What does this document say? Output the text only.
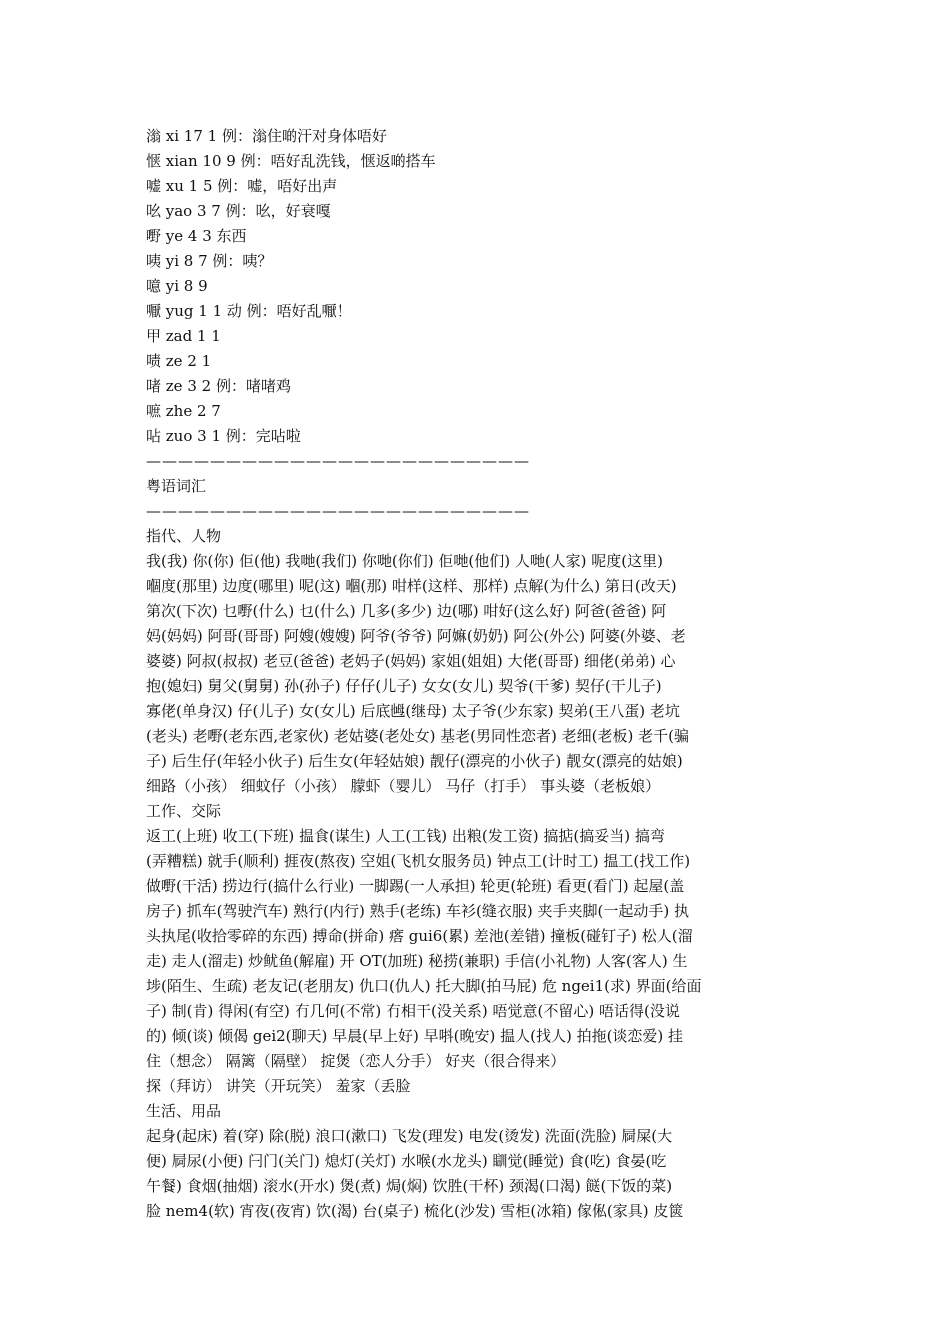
滃 xi 17 1 例：滃住啲汗对身体唔好
惬 xian 10 9 例：唔好乱洗钱，惬返啲搭车
嘘 xu 1 5 例：嘘，唔好出声
吆 yao 3 7 例：吆，好衰嘎
嘢 ye 4 3 东西
咦 yi 8 7 例：咦？
噫 yi 8 9
嚈 yug 1 1 动 例：唔好乱嚈！
甲 zad 1 1
啧 ze 2 1
啫 ze 3 2 例：啫啫鸡
嗻 zhe 2 7
呫 zuo 3 1 例：完呫啦
————————————————————————
粤语词汇
————————————————————————
指代、人物
我(我) 你(你) 佢(他) 我哋(我们) 你哋(你们) 佢哋(他们) 人哋(人家) 呢度(这里)
嗰度(那里) 边度(哪里) 呢(这) 嗰(那) 咁样(这样、那样) 点解(为什么) 第日(改天)
第次(下次) 乜嘢(什么) 乜(什么) 几多(多少) 边(哪) 咁好(这么好) 阿爸(爸爸) 阿
妈(妈妈) 阿哥(哥哥) 阿嫂(嫂嫂) 阿爷(爷爷) 阿嫲(奶奶) 阿公(外公) 阿婆(外婆、老
婆婆) 阿叔(叔叔) 老豆(爸爸) 老妈子(妈妈) 家姐(姐姐) 大佬(哥哥) 细佬(弟弟) 心
抱(媳妇) 舅父(舅舅) 孙(孙子) 仔仔(儿子) 女女(女儿) 契爷(干爹) 契仔(干儿子)
寡佬(单身汉) 仔(儿子) 女(女儿) 后底乸(继母) 太子爷(少东家) 契弟(王八蛋) 老坑
(老头) 老嘢(老东西,老家伙) 老姑婆(老处女) 基老(男同性恋者) 老细(老板) 老千(骗
子) 后生仔(年轻小伙子) 后生女(年轻姑娘) 靓仔(漂亮的小伙子) 靓女(漂亮的姑娘)
细路（小孩） 细蚊仔（小孩） 朦虾（婴儿） 马仔（打手） 事头婆（老板娘）
工作、交际
返工(上班) 收工(下班) 揾食(谋生) 人工(工钱) 出粮(发工资) 搞掂(搞妥当) 搞弯
(弄糟糕) 就手(顺利) 捱夜(熬夜) 空姐(飞机女服务员) 钟点工(计时工) 揾工(找工作)
做嘢(干活) 捞边行(搞什么行业) 一脚踢(一人承担) 轮更(轮班) 看更(看门) 起屋(盖
房子) 抓车(驾驶汽车) 熟行(内行) 熟手(老练) 车衫(缝衣服) 夹手夹脚(一起动手) 执
头执尾(收拾零碎的东西) 搏命(拼命) 瘩 gui6(累) 差池(差错) 撞板(碰钉子) 松人(溜
走) 走人(溜走) 炒鱿鱼(解雇) 开 OT(加班) 秘捞(兼职) 手信(小礼物) 人客(客人) 生
埗(陌生、生疏) 老友记(老朋友) 仇口(仇人) 托大脚(拍马屁) 危 ngei1(求) 界面(给面
子) 制(肯) 得闲(有空) 冇几何(不常) 冇相干(没关系) 唔觉意(不留心) 唔话得(没说
的) 倾(谈) 倾偈 gei2(聊天) 早晨(早上好) 早唞(晚安) 揾人(找人) 拍拖(谈恋爱) 挂
住（想念） 隔篱（隔壁） 掟煲（恋人分手） 好夹（很合得来）
探（拜访） 讲笑（开玩笑） 羞家（丢脸
生活、用品
起身(起床) 着(穿) 除(脱) 浪口(漱口) 飞发(理发) 电发(烫发) 洗面(洗脸) 屙屎(大
便) 屙尿(小便) 闩门(关门) 熄灯(关灯) 水喉(水龙头) 瞓觉(睡觉) 食(吃) 食晏(吃
午餐) 食烟(抽烟) 滚水(开水) 煲(煮) 焗(焖) 饮胜(干杯) 颈渴(口渴) 餸(下饭的菜)
脸 nem4(软) 宵夜(夜宵) 饮(渴) 台(桌子) 梳化(沙发) 雪柜(冰箱) 傢俬(家具) 皮篋
